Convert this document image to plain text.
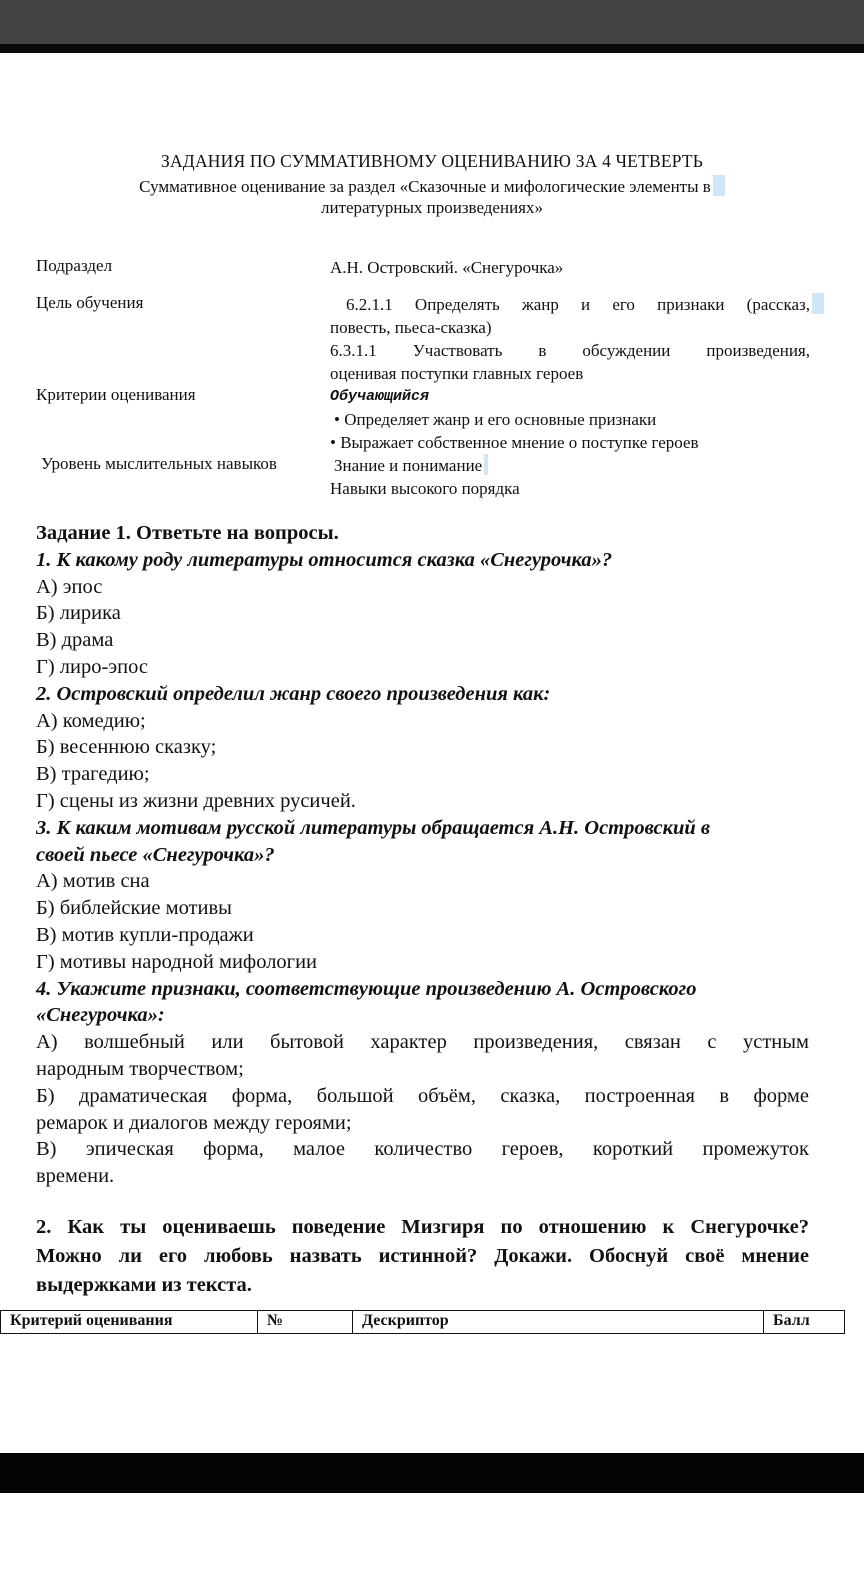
ЗАДАНИЯ ПО СУММАТИВНОМУ ОЦЕНИВАНИЮ ЗА 4 ЧЕТВЕРТЬ
Суммативное оценивание за раздел «Сказочные и мифологические элементы в
литературных произведениях»
Подраздел	А.Н. Островский. «Снегурочка»
Цель обучения	6.2.1.1 Определять жанр и его признаки (рассказ,
повесть, пьеса-сказка)
6.3.1.1 Участвовать в обсуждении произведения,
оценивая поступки главных героев
Критерии оценивания	Обучающийся
• Определяет жанр и его основные признаки
• Выражает собственное мнение о поступке героев
Уровень мыслительных навыков	Знание и понимание
Навыки высокого порядка
Задание 1. Ответьте на вопросы.
1. К какому роду литературы относится сказка «Снегурочка»?
А) эпос
Б) лирика
В) драма
Г) лиро-эпос
2. Островский определил жанр своего произведения как:
А) комедию;
Б) весеннюю сказку;
В) трагедию;
Г) сцены из жизни древних русичей.
3. К каким мотивам русской литературы обращается А.Н. Островский в
своей пьесе «Снегурочка»?
А) мотив сна
Б) библейские мотивы
В) мотив купли-продажи
Г) мотивы народной мифологии
4. Укажите признаки, соответствующие произведению А. Островского
«Снегурочка»:
А) волшебный или бытовой характер произведения, связан с устным
народным творчеством;
Б) драматическая форма, большой объём, сказка, построенная в форме
ремарок и диалогов между героями;
В) эпическая форма, малое количество героев, короткий промежуток
времени.
2. Как ты оцениваешь поведение Мизгиря по отношению к Снегурочке?
Можно ли его любовь назвать истинной? Докажи. Обоснуй своё мнение
выдержками из текста.
Критерий оценивания	№	Дескриптор	Балл
